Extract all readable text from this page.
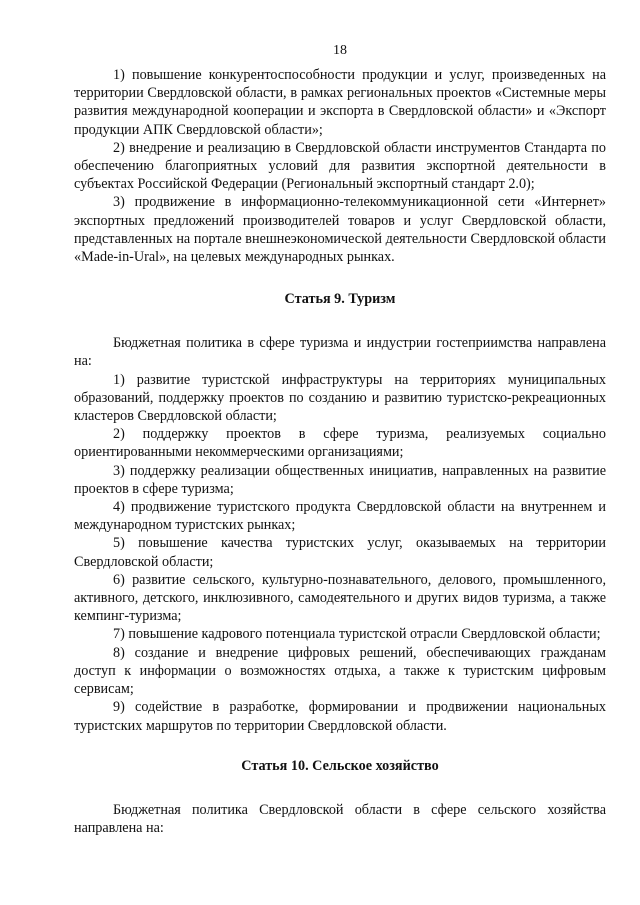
18

1) повышение конкурентоспособности продукции и услуг, произведенных на территории Свердловской области, в рамках региональных проектов «Системные меры развития международной кооперации и экспорта в Свердловской области» и «Экспорт продукции АПК Свердловской области»;

2) внедрение и реализацию в Свердловской области инструментов Стандарта по обеспечению благоприятных условий для развития экспортной деятельности в субъектах Российской Федерации (Региональный экспортный стандарт 2.0);

3) продвижение в информационно-телекоммуникационной сети «Интернет» экспортных предложений производителей товаров и услуг Свердловской области, представленных на портале внешнеэкономической деятельности Свердловской области «Made-in-Ural», на целевых международных рынках.

Статья 9. Туризм

Бюджетная политика в сфере туризма и индустрии гостеприимства направлена на:

1) развитие туристской инфраструктуры на территориях муниципальных образований, поддержку проектов по созданию и развитию туристско-рекреационных кластеров Свердловской области;

2) поддержку проектов в сфере туризма, реализуемых социально ориентированными некоммерческими организациями;

3) поддержку реализации общественных инициатив, направленных на развитие проектов в сфере туризма;

4) продвижение туристского продукта Свердловской области на внутреннем и международном туристских рынках;

5) повышение качества туристских услуг, оказываемых на территории Свердловской области;

6) развитие сельского, культурно-познавательного, делового, промышленного, активного, детского, инклюзивного, самодеятельного и других видов туризма, а также кемпинг-туризма;

7) повышение кадрового потенциала туристской отрасли Свердловской области;

8) создание и внедрение цифровых решений, обеспечивающих гражданам доступ к информации о возможностях отдыха, а также к туристским цифровым сервисам;

9) содействие в разработке, формировании и продвижении национальных туристских маршрутов по территории Свердловской области.

Статья 10. Сельское хозяйство

Бюджетная политика Свердловской области в сфере сельского хозяйства направлена на:
